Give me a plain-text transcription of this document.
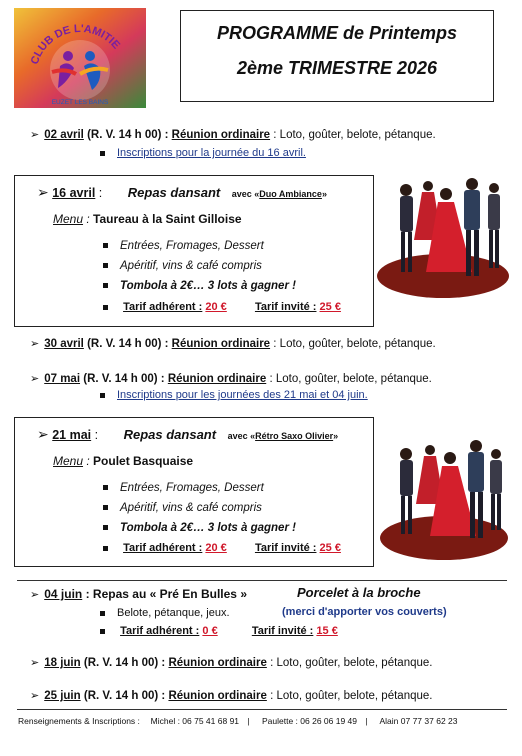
CLUB DE L'AMITIE
EUZET LES BAINS
PROGRAMME de Printemps
2ème TRIMESTRE 2026
➢ 02 avril (R. V. 14 h 00) : Réunion ordinaire : Loto, goûter, belote, pétanque.
Inscriptions pour la journée du 16 avril.
➢ 16 avril : Repas dansant avec «Duo Ambiance»
Menu : Taureau à la Saint Gilloise
Entrées, Fromages, Dessert
Apéritif, vins & café compris
Tombola à 2€… 3 lots à gagner !
Tarif adhérent : 20 €	Tarif invité : 25 €
➢ 30 avril (R. V. 14 h 00) : Réunion ordinaire : Loto, goûter, belote, pétanque.
➢ 07 mai (R. V. 14 h 00) : Réunion ordinaire : Loto, goûter, belote, pétanque.
Inscriptions pour les journées des 21 mai et 04 juin.
➢ 21 mai : Repas dansant avec «Rétro Saxo Olivier»
Menu : Poulet Basquaise
Entrées, Fromages, Dessert
Apéritif, vins & café compris
Tombola à 2€… 3 lots à gagner !
Tarif adhérent : 20 €	Tarif invité : 25 €
➢ 04 juin : Repas au « Pré En Bulles »	Porcelet à la broche
Belote, pétanque, jeux.	(merci d'apporter vos couverts)
Tarif adhérent : 0 €	Tarif invité : 15 €
➢ 18 juin (R. V. 14 h 00) : Réunion ordinaire : Loto, goûter, belote, pétanque.
➢ 25 juin (R. V. 14 h 00) : Réunion ordinaire : Loto, goûter, belote, pétanque.
Renseignements & Inscriptions : Michel : 06 75 41 68 91 | Paulette : 06 26 06 19 49 | Alain 07 77 37 62 23
